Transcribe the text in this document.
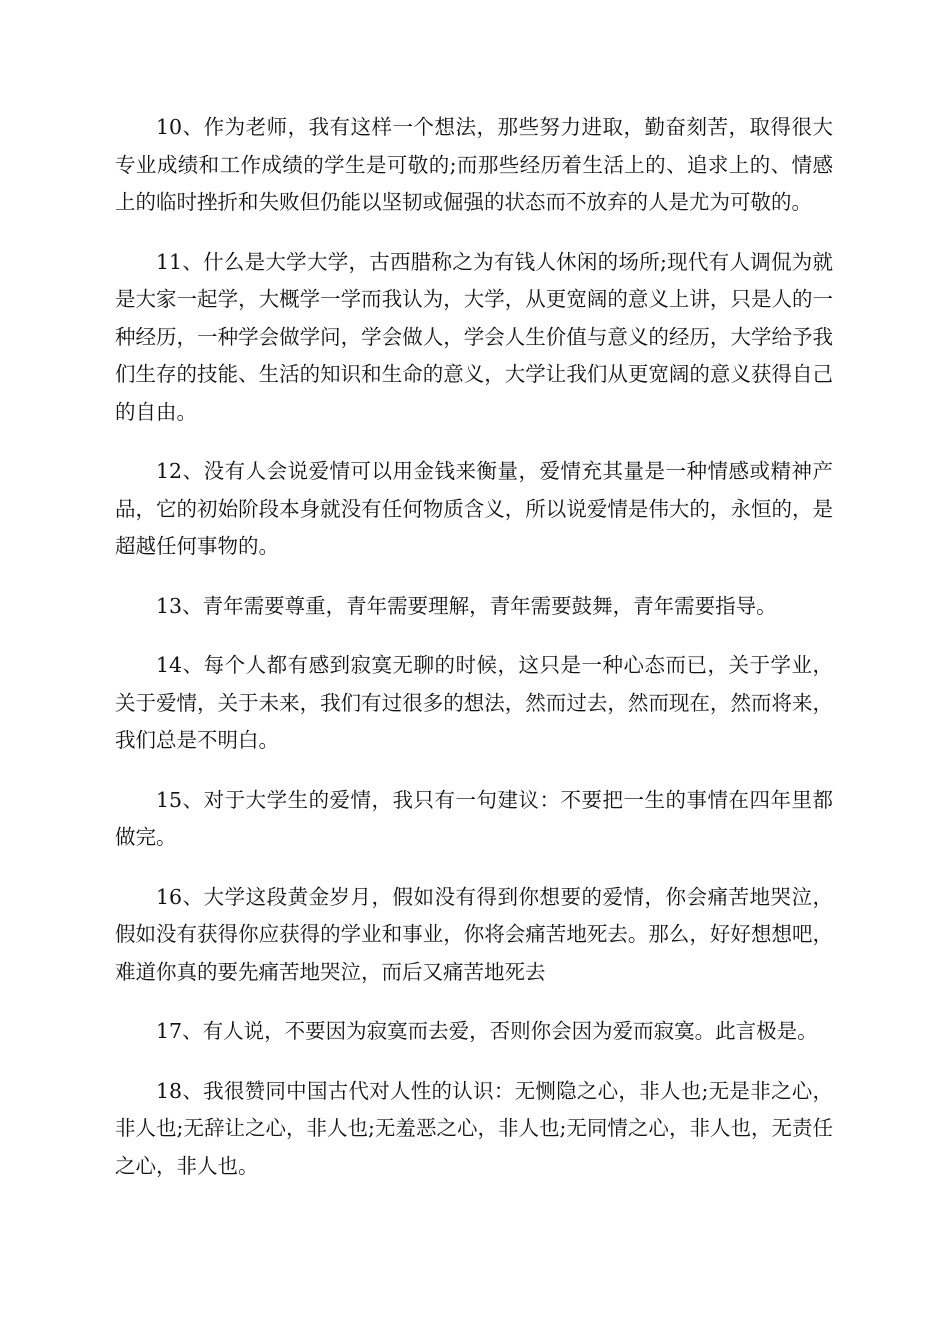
10、作为老师，我有这样一个想法，那些努力进取，勤奋刻苦，取得很大专业成绩和工作成绩的学生是可敬的;而那些经历着生活上的、追求上的、情感上的临时挫折和失败但仍能以坚韧或倔强的状态而不放弃的人是尤为可敬的。

11、什么是大学大学，古西腊称之为有钱人休闲的场所;现代有人调侃为就是大家一起学，大概学一学而我认为，大学，从更宽阔的意义上讲，只是人的一种经历，一种学会做学问，学会做人，学会人生价值与意义的经历，大学给予我们生存的技能、生活的知识和生命的意义，大学让我们从更宽阔的意义获得自己的自由。

12、没有人会说爱情可以用金钱来衡量，爱情充其量是一种情感或精神产品，它的初始阶段本身就没有任何物质含义，所以说爱情是伟大的，永恒的，是超越任何事物的。

13、青年需要尊重，青年需要理解，青年需要鼓舞，青年需要指导。

14、每个人都有感到寂寞无聊的时候，这只是一种心态而已，关于学业，关于爱情，关于未来，我们有过很多的想法，然而过去，然而现在，然而将来，我们总是不明白。

15、对于大学生的爱情，我只有一句建议：不要把一生的事情在四年里都做完。

16、大学这段黄金岁月，假如没有得到你想要的爱情，你会痛苦地哭泣，假如没有获得你应获得的学业和事业，你将会痛苦地死去。那么，好好想想吧，难道你真的要先痛苦地哭泣，而后又痛苦地死去

17、有人说，不要因为寂寞而去爱，否则你会因为爱而寂寞。此言极是。

18、我很赞同中国古代对人性的认识：无恻隐之心，非人也;无是非之心，非人也;无辞让之心，非人也;无羞恶之心，非人也;无同情之心，非人也，无责任之心，非人也。
